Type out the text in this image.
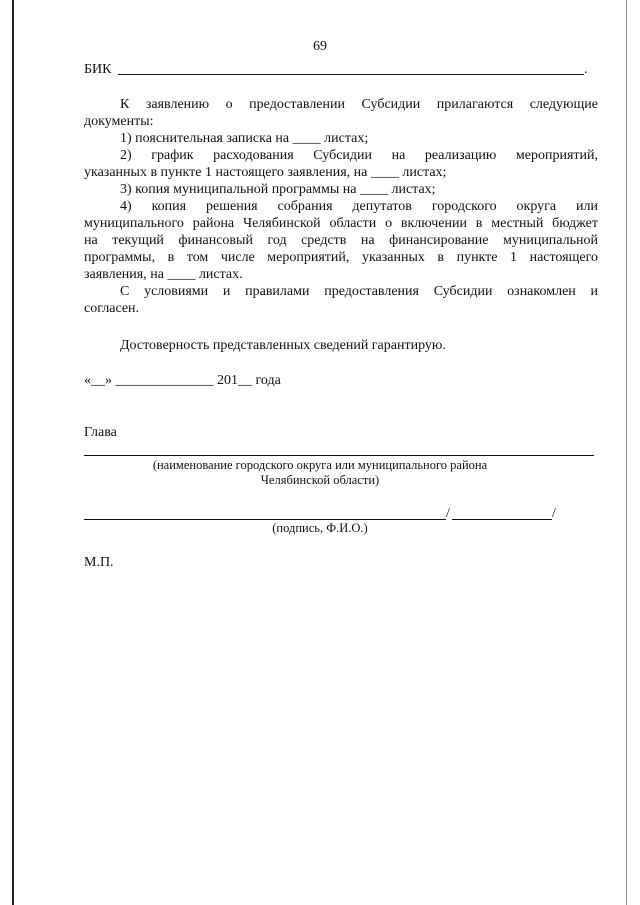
69
БИК	.
К заявлению о предоставлении Субсидии прилагаются следующие
документы:
1) пояснительная записка на ____ листах;
2) график расходования Субсидии на реализацию мероприятий,
указанных в пункте 1 настоящего заявления, на ____ листах;
3) копия муниципальной программы на ____ листах;
4) копия решения собрания депутатов городского округа или
муниципального района Челябинской области о включении в местный бюджет
на текущий финансовый год средств на финансирование муниципальной
программы, в том числе мероприятий, указанных в пункте 1 настоящего
заявления, на ____ листах.
С условиями и правилами предоставления Субсидии ознакомлен и
согласен.
Достоверность представленных сведений гарантирую.
«__» ______________ 201__ года
Глава
(наименование городского округа или муниципального района
Челябинской области)
/	/
(подпись, Ф.И.О.)
М.П.
